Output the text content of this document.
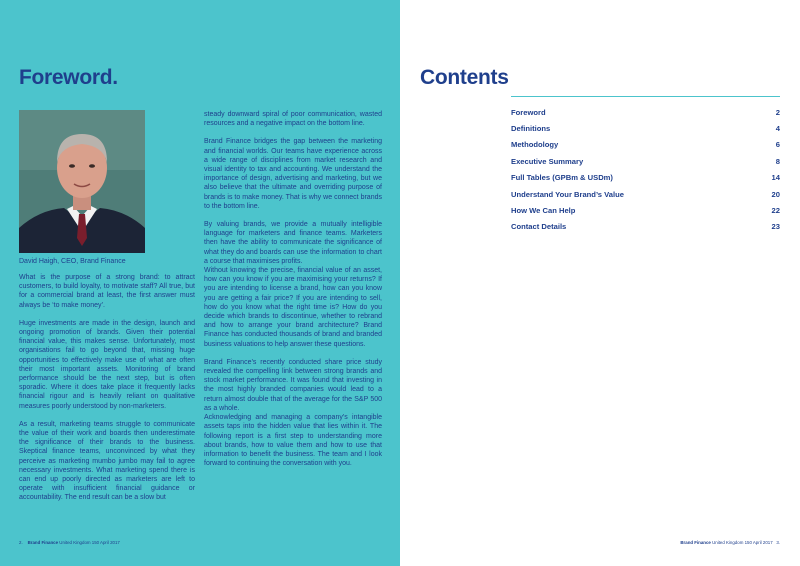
Foreword.
David Haigh, CEO, Brand Finance

What is the purpose of a strong brand: to attract customers, to build loyalty, to motivate staff? All true, but for a commercial brand at least, the first answer must always be ‘to make money’.

Huge investments are made in the design, launch and ongoing promotion of brands. Given their potential financial value, this makes sense. Unfortunately, most organisations fail to go beyond that, missing huge opportunities to effectively make use of what are often their most important assets. Monitoring of brand performance should be the next step, but is often sporadic. Where it does take place it frequently lacks financial rigour and is heavily reliant on qualitative measures poorly understood by non-marketers.

As a result, marketing teams struggle to communicate the value of their work and boards then underestimate the significance of their brands to the business. Skeptical finance teams, unconvinced by what they perceive as marketing mumbo jumbo may fail to agree necessary investments. What marketing spend there is can end up poorly directed as marketers are left to operate with insufficient financial guidance or accountability. The end result can be a slow but

steady downward spiral of poor communication, wasted resources and a negative impact on the bottom line.

Brand Finance bridges the gap between the marketing and financial worlds. Our teams have experience across a wide range of disciplines from market research and visual identity to tax and accounting. We understand the importance of design, advertising and marketing, but we also believe that the ultimate and overriding purpose of brands is to make money. That is why we connect brands to the bottom line.

By valuing brands, we provide a mutually intelligible language for marketers and finance teams. Marketers then have the ability to communicate the significance of what they do and boards can use the information to chart a course that maximises profits.

Without knowing the precise, financial value of an asset, how can you know if you are maximising your returns? If you are intending to license a brand, how can you know you are getting a fair price? If you are intending to sell, how do you know what the right time is? How do you decide which brands to discontinue, whether to rebrand and how to arrange your brand architecture? Brand Finance has conducted thousands of brand and branded business valuations to help answer these questions.

Brand Finance’s recently conducted share price study revealed the compelling link between strong brands and stock market performance. It was found that investing in the most highly branded companies would lead to a return almost double that of the average for the S&P 500 as a whole.

Acknowledging and managing a company’s intangible assets taps into the hidden value that lies within it. The following report is a first step to understanding more about brands, how to value them and how to use that information to benefit the business. The team and I look forward to continuing the conversation with you.

2. Brand Finance United Kingdom 150 April 2017
Contents
Foreword	2
Definitions	4
Methodology	6
Executive Summary	8
Full Tables (GPBm & USDm)	14
Understand Your Brand’s Value	20
How We Can Help	22
Contact Details	23
Brand Finance United Kingdom 150 April 2017 3.
